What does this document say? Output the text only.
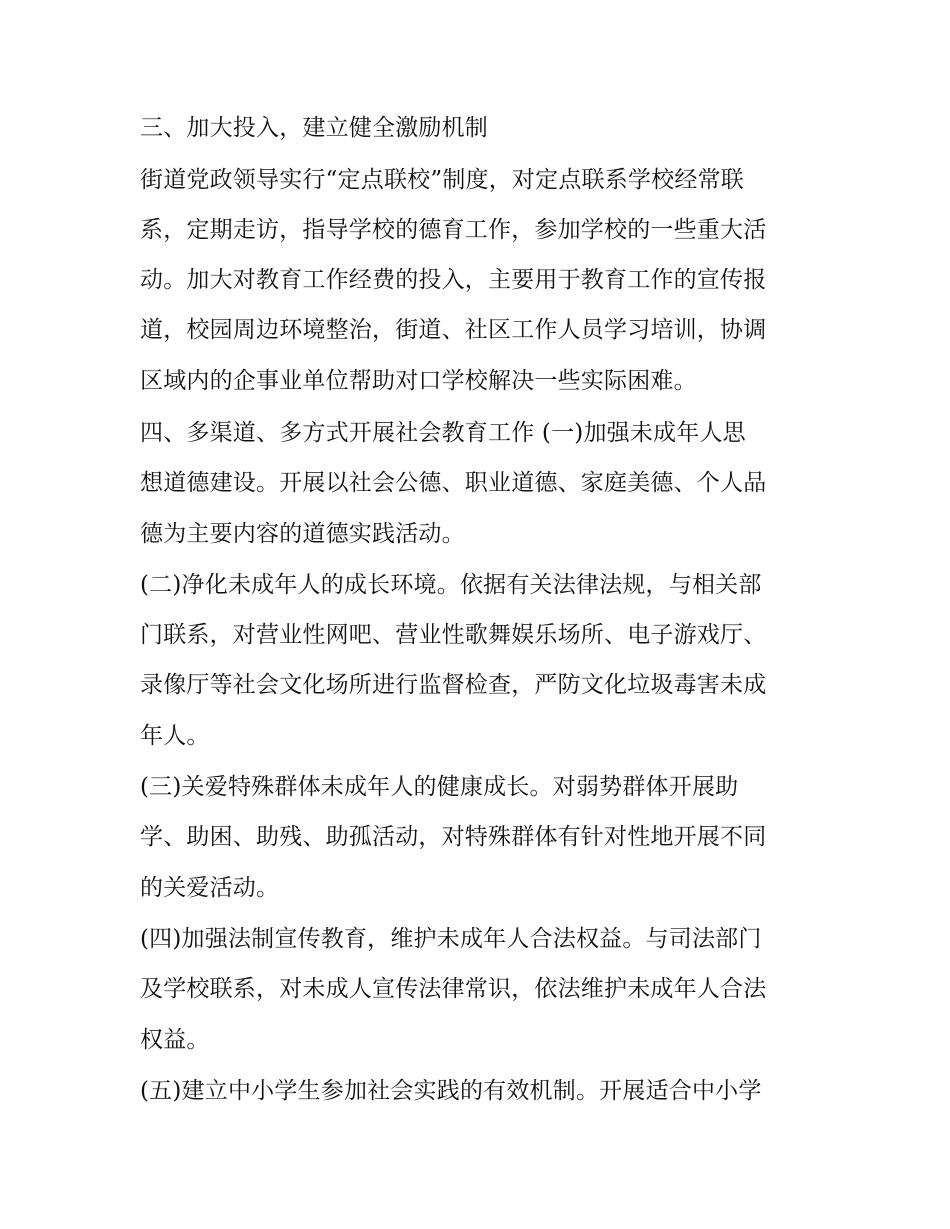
三、加大投入，建立健全激励机制
街道党政领导实行“定点联校”制度，对定点联系学校经常联
系，定期走访，指导学校的德育工作，参加学校的一些重大活
动。加大对教育工作经费的投入，主要用于教育工作的宣传报
道，校园周边环境整治，街道、社区工作人员学习培训，协调
区域内的企事业单位帮助对口学校解决一些实际困难。
四、多渠道、多方式开展社会教育工作 (一)加强未成年人思
想道德建设。开展以社会公德、职业道德、家庭美德、个人品
德为主要内容的道德实践活动。
(二)净化未成年人的成长环境。依据有关法律法规，与相关部
门联系，对营业性网吧、营业性歌舞娱乐场所、电子游戏厅、
录像厅等社会文化场所进行监督检查，严防文化垃圾毒害未成
年人。
(三)关爱特殊群体未成年人的健康成长。对弱势群体开展助
学、助困、助残、助孤活动，对特殊群体有针对性地开展不同
的关爱活动。
(四)加强法制宣传教育，维护未成年人合法权益。与司法部门
及学校联系，对未成人宣传法律常识，依法维护未成年人合法
权益。
(五)建立中小学生参加社会实践的有效机制。开展适合中小学
